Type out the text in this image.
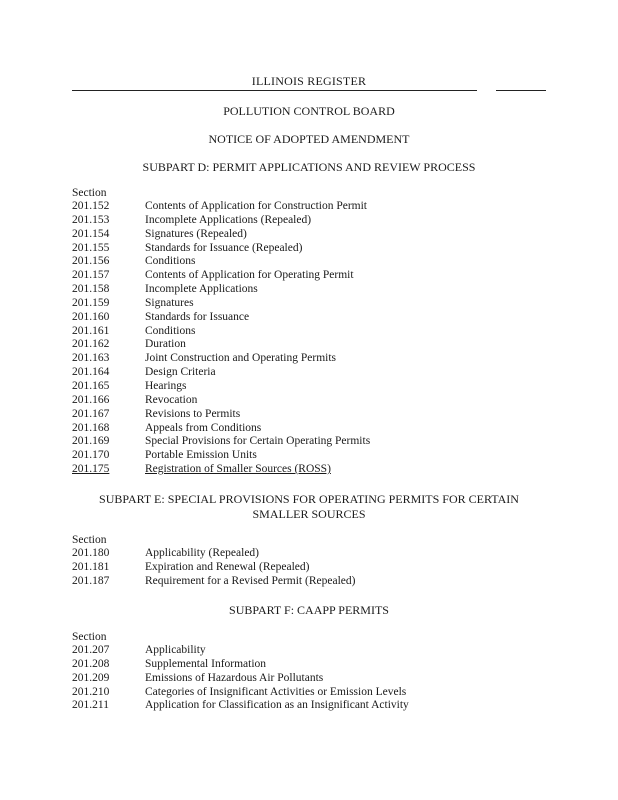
ILLINOIS REGISTER
POLLUTION CONTROL BOARD
NOTICE OF ADOPTED AMENDMENT
SUBPART D: PERMIT APPLICATIONS AND REVIEW PROCESS
Section
201.152	Contents of Application for Construction Permit
201.153	Incomplete Applications (Repealed)
201.154	Signatures (Repealed)
201.155	Standards for Issuance (Repealed)
201.156	Conditions
201.157	Contents of Application for Operating Permit
201.158	Incomplete Applications
201.159	Signatures
201.160	Standards for Issuance
201.161	Conditions
201.162	Duration
201.163	Joint Construction and Operating Permits
201.164	Design Criteria
201.165	Hearings
201.166	Revocation
201.167	Revisions to Permits
201.168	Appeals from Conditions
201.169	Special Provisions for Certain Operating Permits
201.170	Portable Emission Units
201.175	Registration of Smaller Sources (ROSS)
SUBPART E: SPECIAL PROVISIONS FOR OPERATING PERMITS FOR CERTAIN
SMALLER SOURCES
Section
201.180	Applicability (Repealed)
201.181	Expiration and Renewal (Repealed)
201.187	Requirement for a Revised Permit (Repealed)
SUBPART F: CAAPP PERMITS
Section
201.207	Applicability
201.208	Supplemental Information
201.209	Emissions of Hazardous Air Pollutants
201.210	Categories of Insignificant Activities or Emission Levels
201.211	Application for Classification as an Insignificant Activity
